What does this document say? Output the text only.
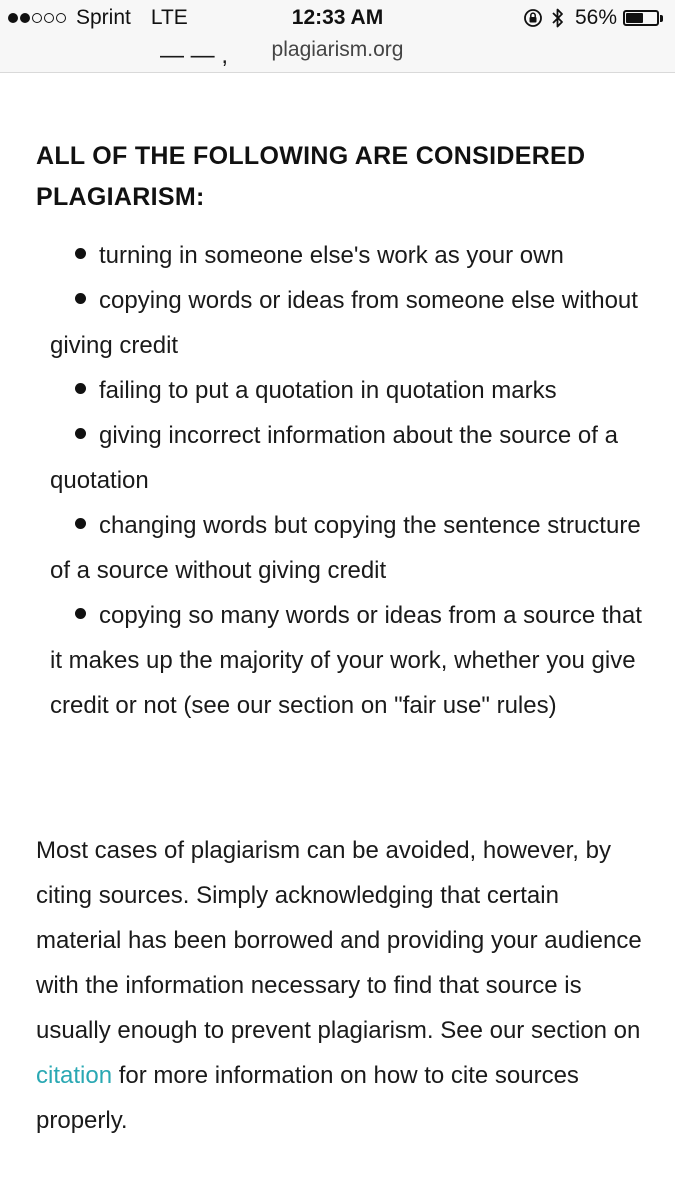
Sprint LTE	12:33 AM
plagiarism.org
56%
— — ,
ALL OF THE FOLLOWING ARE CONSIDERED PLAGIARISM:
turning in someone else's work as your own
copying words or ideas from someone else without giving credit
failing to put a quotation in quotation marks
giving incorrect information about the source of a quotation
changing words but copying the sentence structure of a source without giving credit
copying so many words or ideas from a source that it makes up the majority of your work, whether you give credit or not (see our section on "fair use" rules)

Most cases of plagiarism can be avoided, however, by citing sources. Simply acknowledging that certain material has been borrowed and providing your audience with the information necessary to find that source is usually enough to prevent plagiarism. See our section on citation for more information on how to cite sources properly.
